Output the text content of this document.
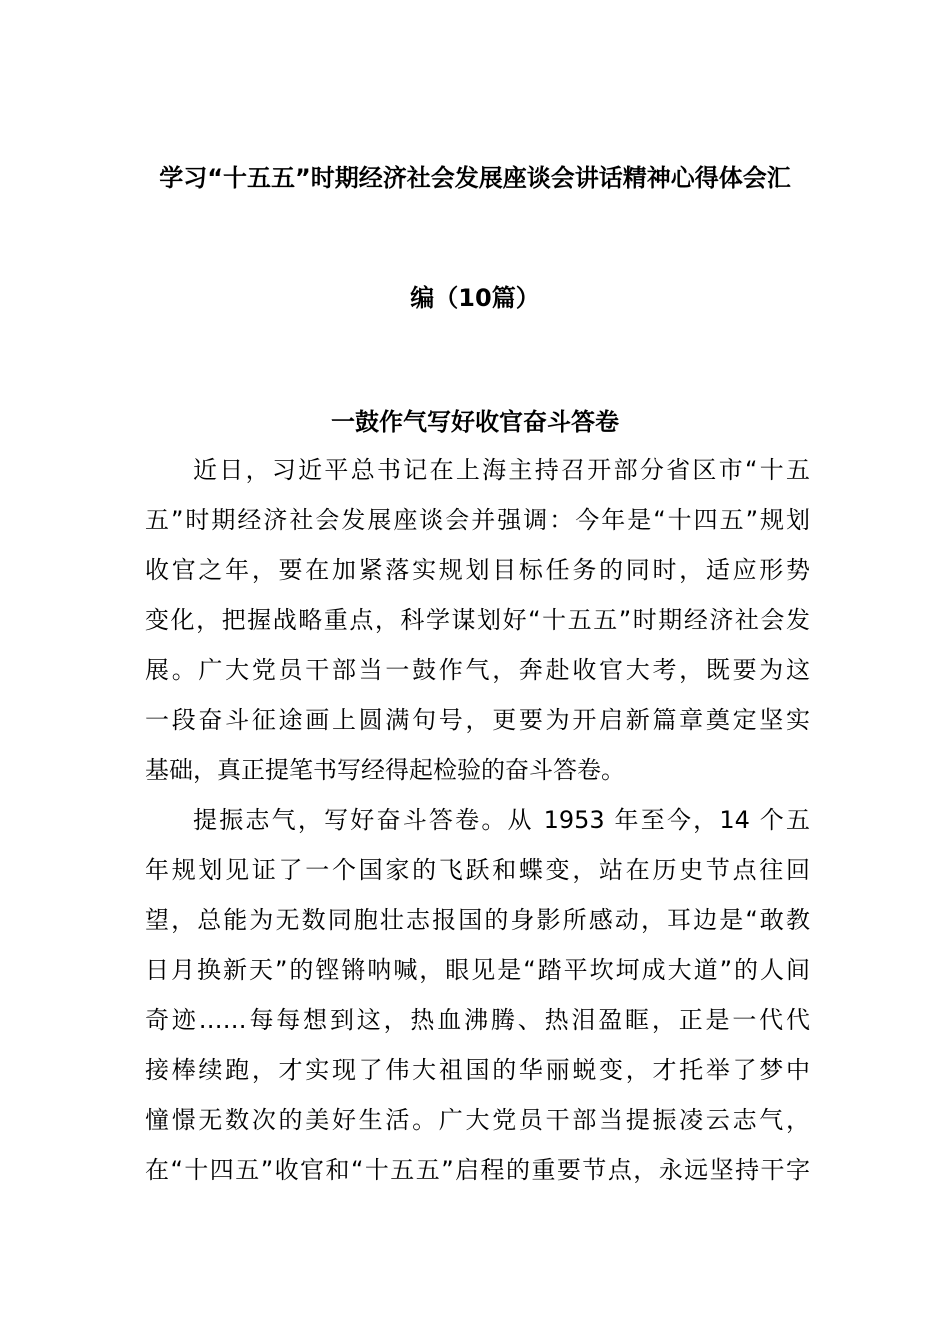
学习“十五五”时期经济社会发展座谈会讲话精神心得体会汇
编（10篇）
一鼓作气写好收官奋斗答卷
近日，习近平总书记在上海主持召开部分省区市“十五
五”时期经济社会发展座谈会并强调：今年是“十四五”规划
收官之年，要在加紧落实规划目标任务的同时，适应形势
变化，把握战略重点，科学谋划好“十五五”时期经济社会发
展。广大党员干部当一鼓作气，奔赴收官大考，既要为这
一段奋斗征途画上圆满句号，更要为开启新篇章奠定坚实
基础，真正提笔书写经得起检验的奋斗答卷。
提振志气，写好奋斗答卷。从 1953 年至今，14 个五
年规划见证了一个国家的飞跃和蝶变，站在历史节点往回
望，总能为无数同胞壮志报国的身影所感动，耳边是“敢教
日月换新天”的铿锵呐喊，眼见是“踏平坎坷成大道”的人间
奇迹……每每想到这，热血沸腾、热泪盈眶，正是一代代
接棒续跑，才实现了伟大祖国的华丽蜕变，才托举了梦中
憧憬无数次的美好生活。广大党员干部当提振凌云志气，
在“十四五”收官和“十五五”启程的重要节点，永远坚持干字
